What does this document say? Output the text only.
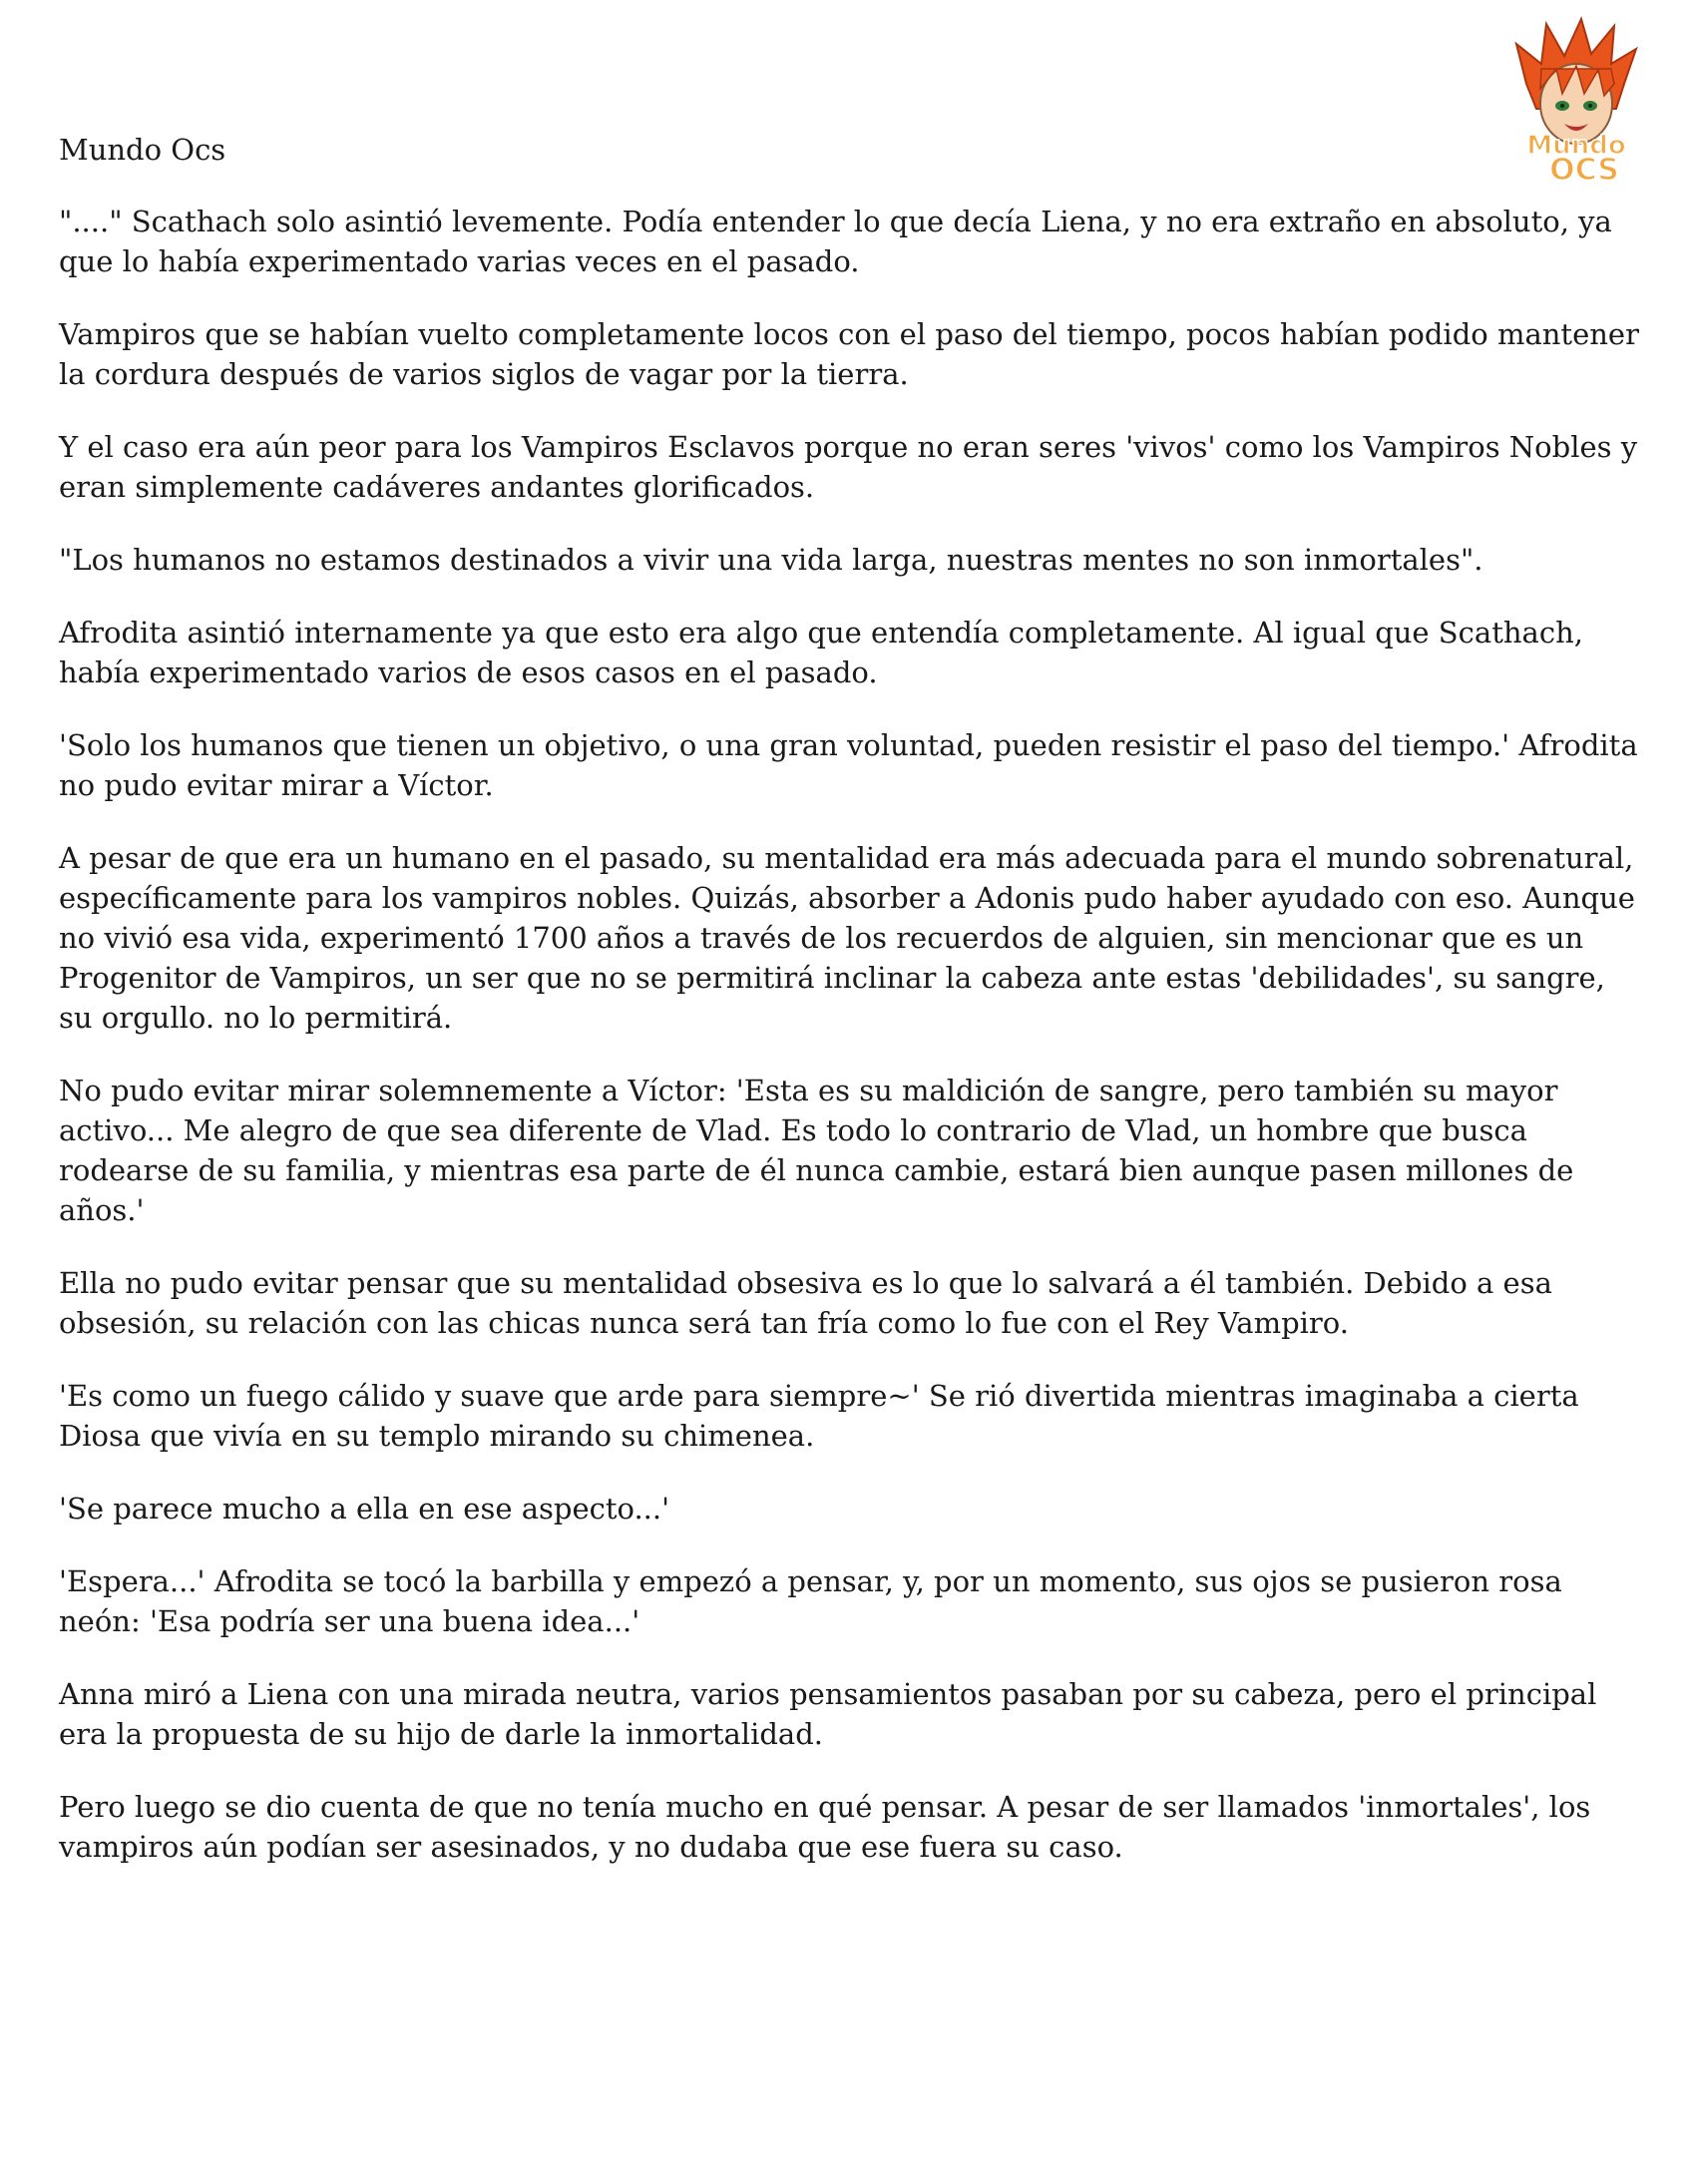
Mundo
OCS
Mundo Ocs

"...." Scathach solo asintió levemente. Podía entender lo que decía Liena, y no era extraño en absoluto, ya que lo había experimentado varias veces en el pasado.

Vampiros que se habían vuelto completamente locos con el paso del tiempo, pocos habían podido mantener la cordura después de varios siglos de vagar por la tierra.

Y el caso era aún peor para los Vampiros Esclavos porque no eran seres 'vivos' como los Vampiros Nobles y eran simplemente cadáveres andantes glorificados.

"Los humanos no estamos destinados a vivir una vida larga, nuestras mentes no son inmortales".

Afrodita asintió internamente ya que esto era algo que entendía completamente. Al igual que Scathach, había experimentado varios de esos casos en el pasado.

'Solo los humanos que tienen un objetivo, o una gran voluntad, pueden resistir el paso del tiempo.' Afrodita no pudo evitar mirar a Víctor.

A pesar de que era un humano en el pasado, su mentalidad era más adecuada para el mundo sobrenatural, específicamente para los vampiros nobles. Quizás, absorber a Adonis pudo haber ayudado con eso. Aunque no vivió esa vida, experimentó 1700 años a través de los recuerdos de alguien, sin mencionar que es un Progenitor de Vampiros, un ser que no se permitirá inclinar la cabeza ante estas 'debilidades', su sangre, su orgullo. no lo permitirá.

No pudo evitar mirar solemnemente a Víctor: 'Esta es su maldición de sangre, pero también su mayor activo... Me alegro de que sea diferente de Vlad. Es todo lo contrario de Vlad, un hombre que busca rodearse de su familia, y mientras esa parte de él nunca cambie, estará bien aunque pasen millones de años.'

Ella no pudo evitar pensar que su mentalidad obsesiva es lo que lo salvará a él también. Debido a esa obsesión, su relación con las chicas nunca será tan fría como lo fue con el Rey Vampiro.

'Es como un fuego cálido y suave que arde para siempre~' Se rió divertida mientras imaginaba a cierta Diosa que vivía en su templo mirando su chimenea.

'Se parece mucho a ella en ese aspecto...'

'Espera...' Afrodita se tocó la barbilla y empezó a pensar, y, por un momento, sus ojos se pusieron rosa neón: 'Esa podría ser una buena idea...'

Anna miró a Liena con una mirada neutra, varios pensamientos pasaban por su cabeza, pero el principal era la propuesta de su hijo de darle la inmortalidad.

Pero luego se dio cuenta de que no tenía mucho en qué pensar. A pesar de ser llamados 'inmortales', los vampiros aún podían ser asesinados, y no dudaba que ese fuera su caso.
